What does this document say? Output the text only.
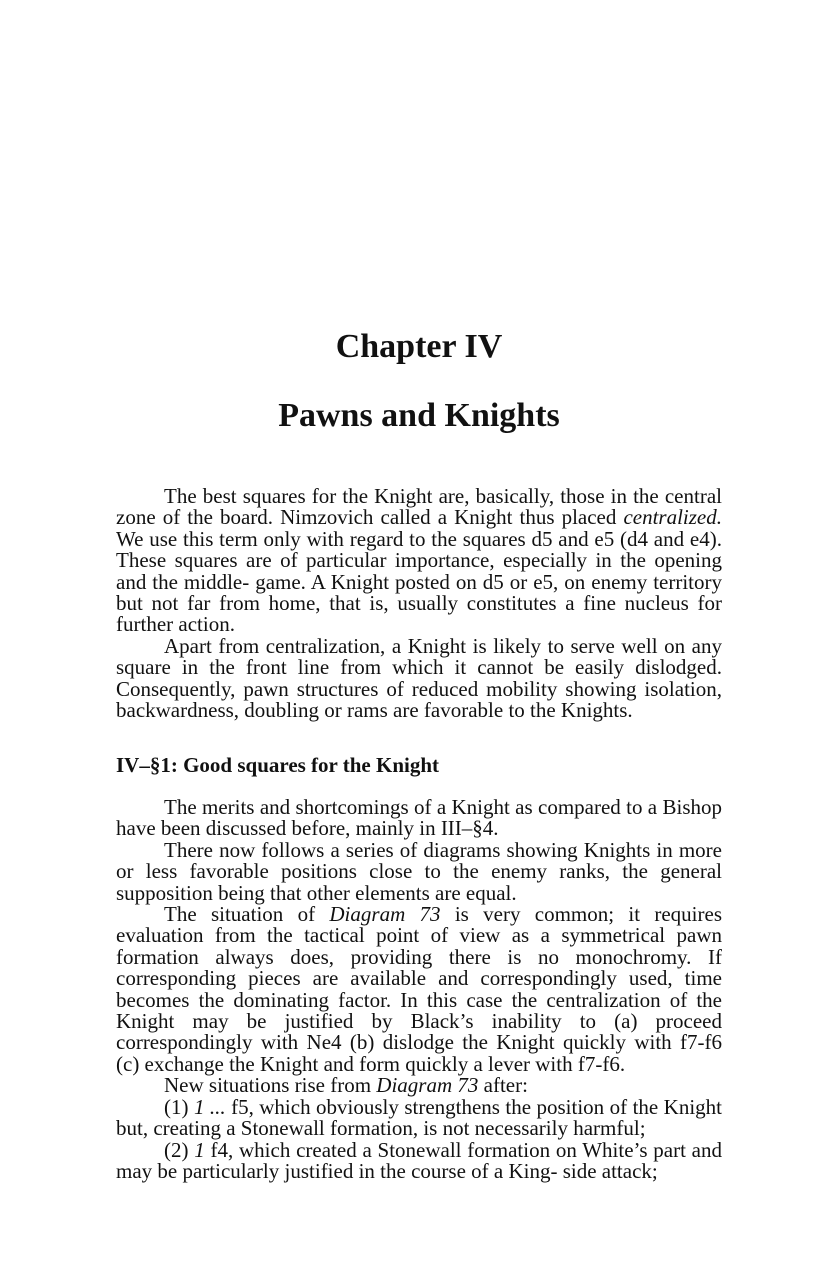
Chapter IV
Pawns and Knights

The best squares for the Knight are, basically, those in the central zone of the board. Nimzovich called a Knight thus placed centralized. We use this term only with regard to the squares d5 and e5 (d4 and e4). These squares are of particular importance, especially in the opening and the middle- game. A Knight posted on d5 or e5, on enemy territory but not far from home, that is, usually constitutes a fine nucleus for further action.

Apart from centralization, a Knight is likely to serve well on any square in the front line from which it cannot be easily dislodged. Consequently, pawn structures of reduced mobility showing isolation, backwardness, doubling or rams are favorable to the Knights.

IV–§1: Good squares for the Knight

The merits and shortcomings of a Knight as compared to a Bishop have been discussed before, mainly in III–§4.

There now follows a series of diagrams showing Knights in more or less favorable positions close to the enemy ranks, the general supposition being that other elements are equal.

The situation of Diagram 73 is very common; it requires evaluation from the tactical point of view as a symmetrical pawn formation always does, providing there is no monochromy. If corresponding pieces are available and correspondingly used, time becomes the dominating factor. In this case the centralization of the Knight may be justified by Black’s inability to (a) proceed correspondingly with Ne4 (b) dislodge the Knight quickly with f7-f6 (c) exchange the Knight and form quickly a lever with f7-f6.

New situations rise from Diagram 73 after:

(1) 1 ... f5, which obviously strengthens the position of the Knight but, creating a Stonewall formation, is not necessarily harmful;

(2) 1 f4, which created a Stonewall formation on White’s part and may be particularly justified in the course of a King- side attack;
